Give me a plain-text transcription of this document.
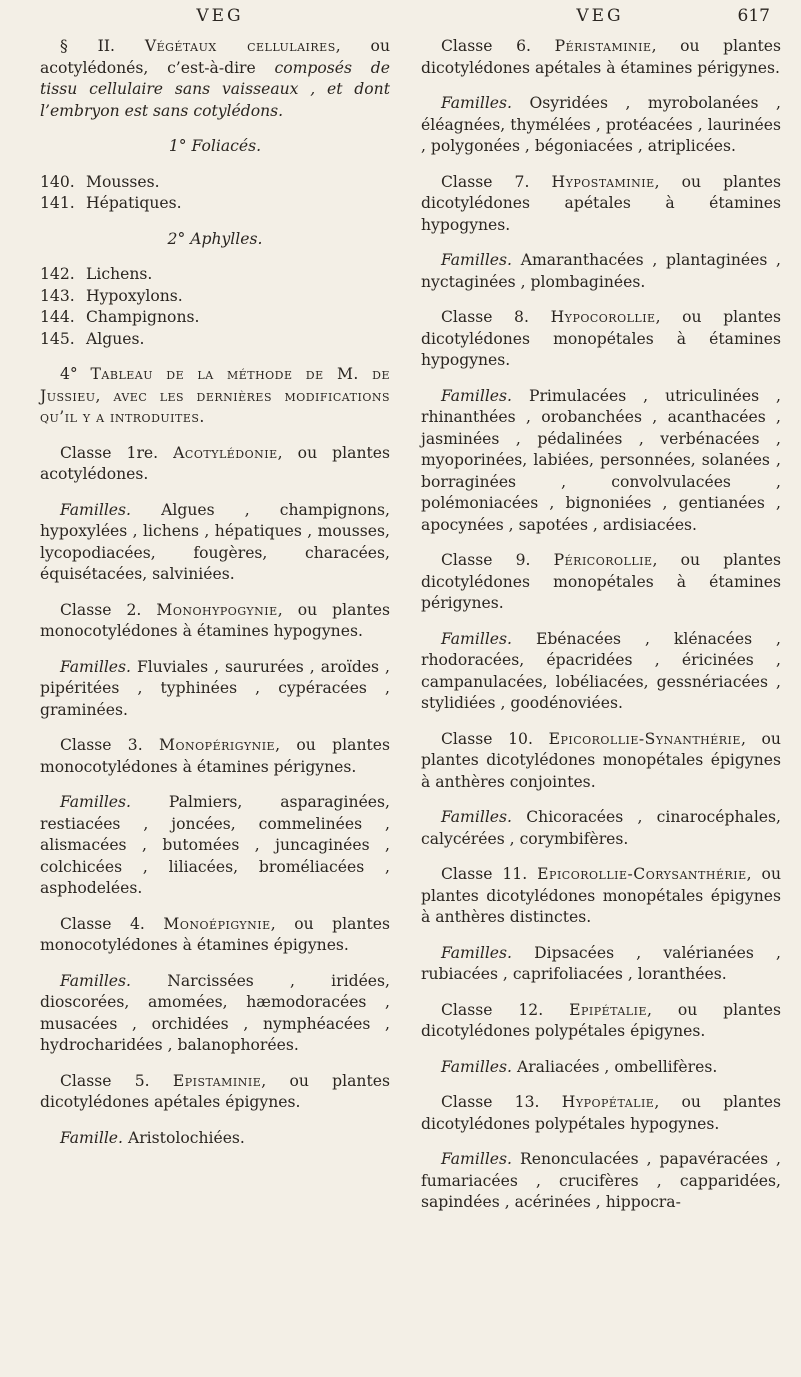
VEG	VEG	617

§ II. Végétaux cellulaires, ou acotylédonés, c’est-à-dire composés de tissu cellulaire sans vaisseaux , et dont l’embryon est sans cotylédons.

1° Foliacés.

140. Mousses.
141. Hépatiques.

2° Aphylles.

142. Lichens.
143. Hypoxylons.
144. Champignons.
145. Algues.

4° Tableau de la méthode de M. de Jussieu, avec les dernières modifications qu’il y a introduites.

Classe 1re. Acotylédonie, ou plantes acotylédones.

Familles. Algues , champignons, hypoxylées , lichens , hépatiques , mousses, lycopodiacées, fougères, characées, équisétacées, salviniées.

Classe 2. Monohypogynie, ou plantes monocotylédones à étamines hypogynes.

Familles. Fluviales , saururées , aroïdes , pipéritées , typhinées , cypéracées , graminées.

Classe 3. Monopérigynie, ou plantes monocotylédones à étamines périgynes.

Familles. Palmiers, asparaginées, restiacées , joncées, commelinées , alismacées , butomées , juncaginées , colchicées , liliacées, broméliacées , asphodelées.

Classe 4. Monoépigynie, ou plantes monocotylédones à étamines épigynes.

Familles. Narcissées , iridées, dioscorées, amomées, hæmodoracées , musacées , orchidées , nymphéacées , hydrocharidées , balanophorées.

Classe 5. Epistaminie, ou plantes dicotylédones apétales épigynes.

Famille. Aristolochiées.

Classe 6. Péristaminie, ou plantes dicotylédones apétales à étamines périgynes.

Familles. Osyridées , myrobolanées , éléagnées, thymélées , protéacées , laurinées , polygonées , bégoniacées , atriplicées.

Classe 7. Hypostaminie, ou plantes dicotylédones apétales à étamines hypogynes.

Familles. Amaranthacées , plantaginées , nyctaginées , plombaginées.

Classe 8. Hypocorollie, ou plantes dicotylédones monopétales à étamines hypogynes.

Familles. Primulacées , utriculinées , rhinanthées , orobanchées , acanthacées , jasminées , pédalinées , verbénacées , myoporinées, labiées, personnées, solanées , borraginées , convolvulacées , polémoniacées , bignoniées , gentianées , apocynées , sapotées , ardisiacées.

Classe 9. Péricorollie, ou plantes dicotylédones monopétales à étamines périgynes.

Familles. Ebénacées , klénacées , rhodoracées, épacridées , éricinées , campanulacées, lobéliacées, gessnériacées , stylidiées , goodénoviées.

Classe 10. Epicorollie-Synanthérie, ou plantes dicotylédones monopétales épigynes à anthères conjointes.

Familles. Chicoracées , cinarocéphales, calycérées , corymbifères.

Classe 11. Epicorollie-Corysanthérie, ou plantes dicotylédones monopétales épigynes à anthères distinctes.

Familles. Dipsacées , valérianées , rubiacées , caprifoliacées , loranthées.

Classe 12. Epipétalie, ou plantes dicotylédones polypétales épigynes.

Familles. Araliacées , ombellifères.

Classe 13. Hypopétalie, ou plantes dicotylédones polypétales hypogynes.

Familles. Renonculacées , papavéracées , fumariacées , crucifères , capparidées, sapindées , acérinées , hippocra-
